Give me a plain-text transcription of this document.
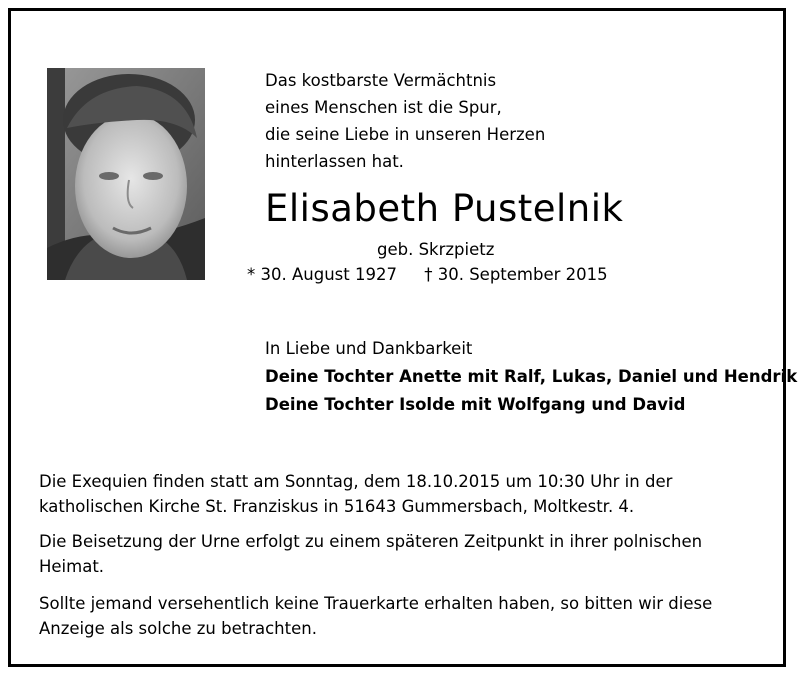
Das kostbarste Vermächtnis
eines Menschen ist die Spur,
die seine Liebe in unseren Herzen
hinterlassen hat.
Elisabeth Pustelnik
geb. Skrzpietz
* 30. August 1927 † 30. September 2015
In Liebe und Dankbarkeit
Deine Tochter Anette mit Ralf, Lukas, Daniel und Hendrik
Deine Tochter Isolde mit Wolfgang und David
Die Exequien finden statt am Sonntag, dem 18.10.2015 um 10:30 Uhr in der katholischen Kirche St. Franziskus in 51643 Gummersbach, Moltkestr. 4.
Die Beisetzung der Urne erfolgt zu einem späteren Zeitpunkt in ihrer polnischen Heimat.
Sollte jemand versehentlich keine Trauerkarte erhalten haben, so bitten wir diese Anzeige als solche zu betrachten.
